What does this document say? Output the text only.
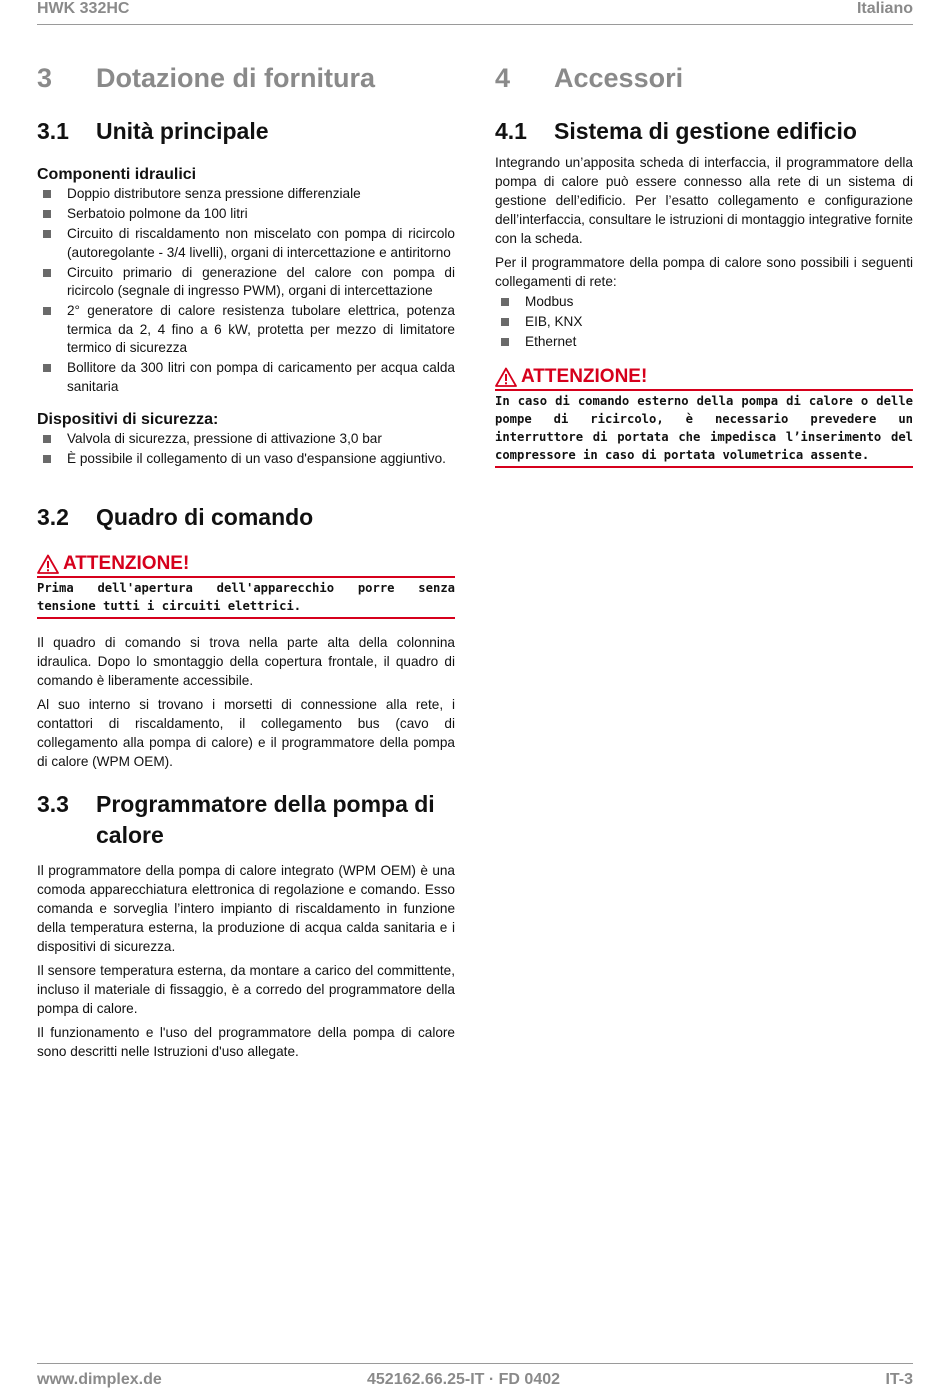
HWK 332HC	Italiano
3	Dotazione di fornitura
3.1	Unità principale
Componenti idraulici
Doppio distributore senza pressione differenziale
Serbatoio polmone da 100 litri
Circuito di riscaldamento non miscelato con pompa di ricircolo (autoregolante - 3/4 livelli), organi di intercettazione e antiritorno
Circuito primario di generazione del calore con pompa di ricircolo (segnale di ingresso PWM), organi di intercettazione
2° generatore di calore resistenza tubolare elettrica, potenza termica da 2, 4 fino a 6 kW, protetta per mezzo di limitatore termico di sicurezza
Bollitore da 300 litri con pompa di caricamento per acqua calda sanitaria
Dispositivi di sicurezza:
Valvola di sicurezza, pressione di attivazione 3,0 bar
È possibile il collegamento di un vaso d'espansione aggiuntivo.
3.2	Quadro di comando
ATTENZIONE!
Prima dell'apertura dell'apparecchio porre senza tensione tutti i circuiti elettrici.

Il quadro di comando si trova nella parte alta della colonnina idraulica. Dopo lo smontaggio della copertura frontale, il quadro di comando è liberamente accessibile.

Al suo interno si trovano i morsetti di connessione alla rete, i contattori di riscaldamento, il collegamento bus (cavo di collegamento alla pompa di calore) e il programmatore della pompa di calore (WPM OEM).

3.3	Programmatore della pompa di calore

Il programmatore della pompa di calore integrato (WPM OEM) è una comoda apparecchiatura elettronica di regolazione e comando. Esso comanda e sorveglia l’intero impianto di riscaldamento in funzione della temperatura esterna, la produzione di acqua calda sanitaria e i dispositivi di sicurezza.

Il sensore temperatura esterna, da montare a carico del committente, incluso il materiale di fissaggio, è a corredo del programmatore della pompa di calore.

Il funzionamento e l'uso del programmatore della pompa di calore sono descritti nelle Istruzioni d'uso allegate.

4	Accessori
4.1	Sistema di gestione edificio

Integrando un’apposita scheda di interfaccia, il programmatore della pompa di calore può essere connesso alla rete di un sistema di gestione dell’edificio. Per l’esatto collegamento e configurazione dell’interfaccia, consultare le istruzioni di montaggio integrative fornite con la scheda.

Per il programmatore della pompa di calore sono possibili i seguenti collegamenti di rete:

Modbus
EIB, KNX
Ethernet
ATTENZIONE!
In caso di comando esterno della pompa di calore o delle pompe di ricircolo, è necessario prevedere un interruttore di portata che impedisca l’inserimento del compressore in caso di portata volumetrica assente.
www.dimplex.de	452162.66.25-IT · FD 0402	IT-3
